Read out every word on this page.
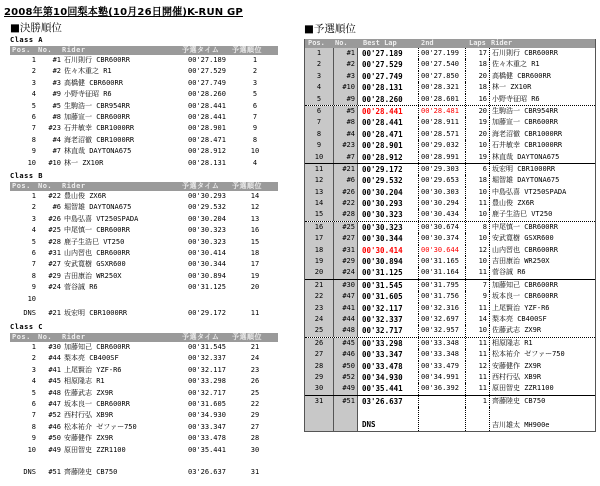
2008年第10回梨本塾(10月26日開催)K-RUN GP
■決勝順位
Class A
Pos. No. Rider	予選タイム 予選順位
1	#1 石川則行 CBR600RR	00'27.189	1
2	#2 佐々木重之 R1	00'27.529	2
3	#3 高橋健 CBR600RR	00'27.749	3
4	#9 小野寺征昭 R6	00'28.260	5
5	#5 生駒浩一 CBR954RR	00'28.441	6
6	#8 加藤宣一 CBR600RR	00'28.441	7
7	#23 石井敏幸 CBR1000RR	00'28.901	9
8	#4 海老沼徹 CBR1000RR	00'28.471	8
9	#7 林直哉 DAYTONA675	00'28.912	10
10	#10 林一 ZX10R	00'28.131	4
Class B
Pos. No. Rider	予選タイム 予選順位
1	#22 豊山俊 ZX6R	00'30.293	14
2	#6 堀智雄 DAYTONA675	00'29.532	12
3	#26 中島弘喜 VT250SPADA	00'30.204	13
4	#25 中尾慎一 CBR600RR	00'30.323	16
5	#28 鹿子生浩巳 VT250	00'30.323	15
6	#31 山内習也 CBR600RR	00'30.414	18
7	#27 安武寛樹 GSXR600	00'30.344	17
8	#29 吉田康治 WR250X	00'30.894	19
9	#24 菅谷誠 R6	00'31.125	20
10
DNS	#21 坂宏明 CBR1000RR	00'29.172	11
Class C
Pos. No. Rider	予選タイム 予選順位
1	#30 加藤知己 CBR600RR	00'31.545	21
2	#44 梨本亮 CB400SF	00'32.337	24
3	#41 上尾賢治 YZF-R6	00'32.117	23
4	#45 相原隆志 R1	00'33.298	26
5	#48 佐藤武志 ZX9R	00'32.717	25
6	#47 坂本良一 CBR600RR	00'31.605	22
7	#52 西村行弘 XB9R	00'34.930	29
8	#46 松本祐介 ゼファー750	00'33.347	27
9	#50 安藤健作 ZX9R	00'33.478	28
10	#49 原田智史 ZZR1100	00'35.441	30
DNS	#51 齊藤陸史 CB750	03'26.637	31
■予選順位
Pos. No. Best Lap	2nd	Laps Rider
1	#1 00'27.189	00'27.199	17 石川則行 CBR600RR
2	#2 00'27.529	00'27.540	18 佐々木重之 R1
3	#3 00'27.749	00'27.850	20 高橋健 CBR600RR
4	#10 00'28.131	00'28.321	18 林一 ZX10R
5	#9 00'28.260	00'28.601	16 小野寺征昭 R6
6	#5 00'28.441	00'28.481	20 生駒浩一 CBR954RR
7	#8 00'28.441	00'28.911	19 加藤宣一 CBR600RR
8	#4 00'28.471	00'28.571	20 海老沼徹 CBR1000RR
9	#23 00'28.901	00'29.032	10 石井敏幸 CBR1000RR
10	#7 00'28.912	00'28.991	19 林直哉 DAYTONA675
11	#21 00'29.172	00'29.303	6 坂宏明 CBR1000RR
12	#6 00'29.532	00'29.653	18 堀智雄 DAYTONA675
13	#26 00'30.204	00'30.303	10 中島弘喜 VT250SPADA
14	#22 00'30.293	00'30.294	11 豊山俊 ZX6R
15	#28 00'30.323	00'30.434	10 鹿子生浩巳 VT250
16	#25 00'30.323	00'30.674	8 中尾慎一 CBR600RR
17	#27 00'30.344	00'30.374	10 安武寛樹 GSXR600
18	#31 00'30.414	00'30.644	12 山内習也 CBR600RR
19	#29 00'30.894	00'31.165	10 吉田康治 WR250X
20	#24 00'31.125	00'31.164	11 菅谷誠 R6
21	#30 00'31.545	00'31.795	7 加藤知己 CBR600RR
22	#47 00'31.605	00'31.756	9 坂本良一 CBR600RR
23	#41 00'32.117	00'32.316	11 上尾賢治 YZF-R6
24	#44 00'32.337	00'32.697	14 梨本亮 CB400SF
25	#48 00'32.717	00'32.957	10 佐藤武志 ZX9R
26	#45 00'33.298	00'33.348	11 相原隆志 R1
27	#46 00'33.347	00'33.348	11 松本祐介 ゼファー750
28	#50 00'33.478	00'33.479	12 安藤健作 ZX9R
29	#52 00'34.930	00'34.991	11 西村行弘 XB9R
30	#49 00'35.441	00'36.392	11 原田智史 ZZR1100
31	#51 03'26.637	1 齊藤陸史 CB750
DNS	吉川雄太 MH900e
